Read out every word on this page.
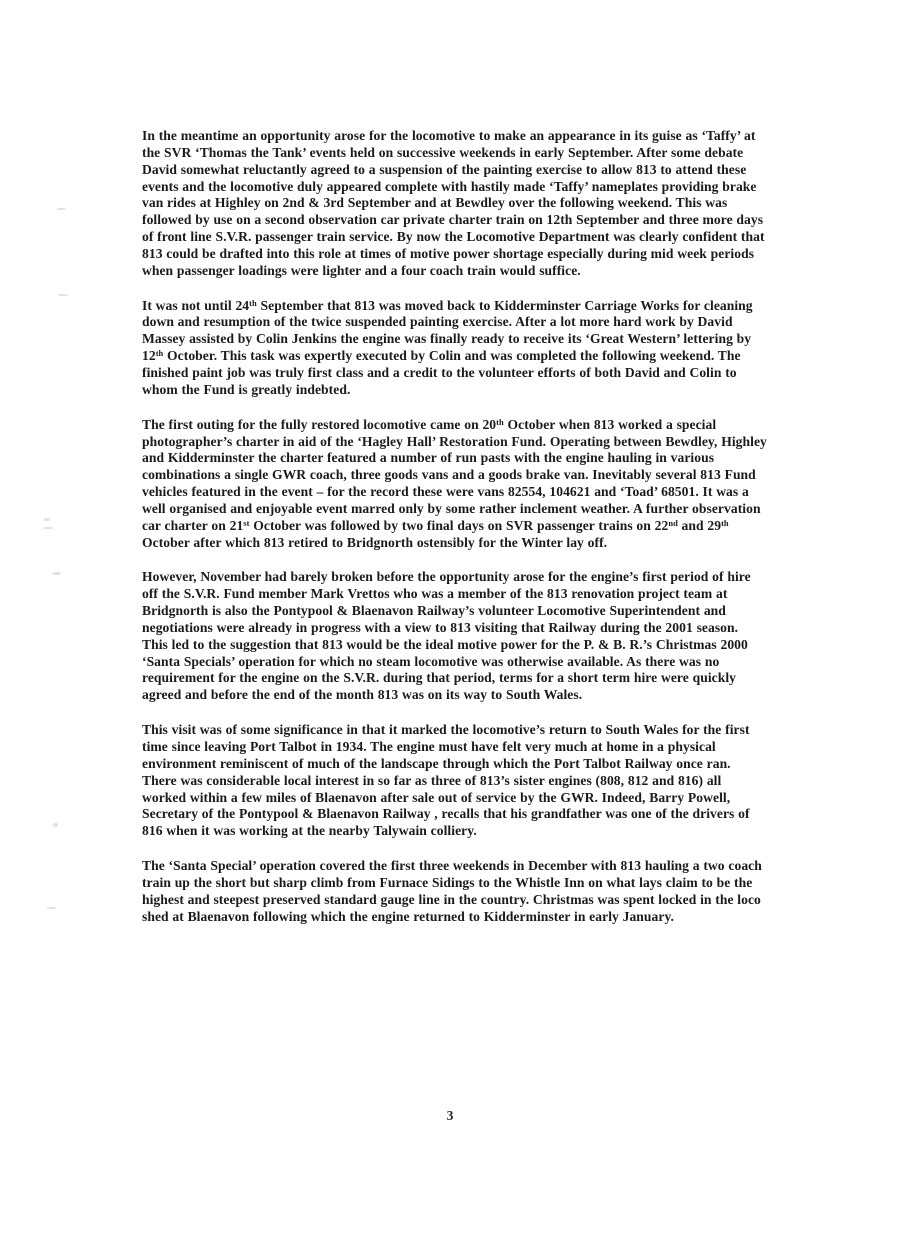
In the meantime an opportunity arose for the locomotive to make an appearance in its guise as ‘Taffy’ at the SVR ‘Thomas the Tank’ events held on successive weekends in early September. After some debate David somewhat reluctantly agreed to a suspension of the painting exercise to allow 813 to attend these events and the locomotive duly appeared complete with hastily made ‘Taffy’ nameplates providing brake van rides at Highley on 2nd & 3rd September and at Bewdley over the following weekend. This was followed by use on a second observation car private charter train on 12th September and three more days of front line S.V.R. passenger train service. By now the Locomotive Department was clearly confident that 813 could be drafted into this role at times of motive power shortage especially during mid week periods when passenger loadings were lighter and a four coach train would suffice.

It was not until 24th September that 813 was moved back to Kidderminster Carriage Works for cleaning down and resumption of the twice suspended painting exercise. After a lot more hard work by David Massey assisted by Colin Jenkins the engine was finally ready to receive its ‘Great Western’ lettering by 12th October. This task was expertly executed by Colin and was completed the following weekend. The finished paint job was truly first class and a credit to the volunteer efforts of both David and Colin to whom the Fund is greatly indebted.

The first outing for the fully restored locomotive came on 20th October when 813 worked a special photographer’s charter in aid of the ‘Hagley Hall’ Restoration Fund. Operating between Bewdley, Highley and Kidderminster the charter featured a number of run pasts with the engine hauling in various combinations a single GWR coach, three goods vans and a goods brake van. Inevitably several 813 Fund vehicles featured in the event – for the record these were vans 82554, 104621 and ‘Toad’ 68501. It was a well organised and enjoyable event marred only by some rather inclement weather. A further observation car charter on 21st October was followed by two final days on SVR passenger trains on 22nd and 29th October after which 813 retired to Bridgnorth ostensibly for the Winter lay off.

However, November had barely broken before the opportunity arose for the engine’s first period of hire off the S.V.R. Fund member Mark Vrettos who was a member of the 813 renovation project team at Bridgnorth is also the Pontypool & Blaenavon Railway’s volunteer Locomotive Superintendent and negotiations were already in progress with a view to 813 visiting that Railway during the 2001 season. This led to the suggestion that 813 would be the ideal motive power for the P. & B. R.’s Christmas 2000 ‘Santa Specials’ operation for which no steam locomotive was otherwise available. As there was no requirement for the engine on the S.V.R. during that period, terms for a short term hire were quickly agreed and before the end of the month 813 was on its way to South Wales.

This visit was of some significance in that it marked the locomotive’s return to South Wales for the first time since leaving Port Talbot in 1934. The engine must have felt very much at home in a physical environment reminiscent of much of the landscape through which the Port Talbot Railway once ran. There was considerable local interest in so far as three of 813’s sister engines (808, 812 and 816) all worked within a few miles of Blaenavon after sale out of service by the GWR. Indeed, Barry Powell, Secretary of the Pontypool & Blaenavon Railway , recalls that his grandfather was one of the drivers of 816 when it was working at the nearby Talywain colliery.

The ‘Santa Special’ operation covered the first three weekends in December with 813 hauling a two coach train up the short but sharp climb from Furnace Sidings to the Whistle Inn on what lays claim to be the highest and steepest preserved standard gauge line in the country. Christmas was spent locked in the loco shed at Blaenavon following which the engine returned to Kidderminster in early January.

3
